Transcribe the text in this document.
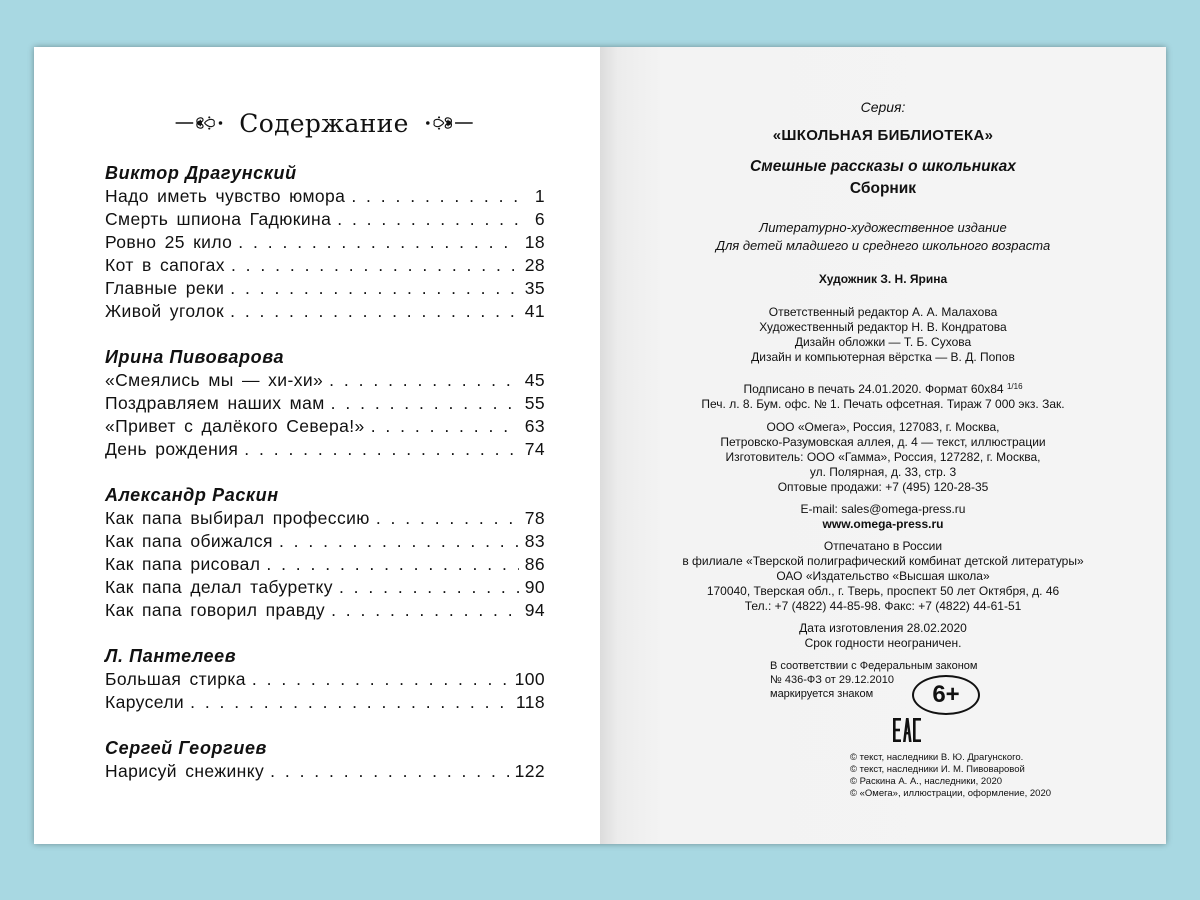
Содержание
Виктор Драгунский
Надо иметь чувство юмора . . .	1
Смерть шпиона Гадюкина . . .	6
Ровно 25 кило . . .	18
Кот в сапогах . . .	28
Главные реки . . .	35
Живой уголок . . .	41
Ирина Пивоварова
«Смеялись мы — хи-хи» . . .	45
Поздравляем наших мам . . .	55
«Привет с далёкого Севера!» . . .	63
День рождения . . .	74
Александр Раскин
Как папа выбирал профессию . . .	78
Как папа обижался . . .	83
Как папа рисовал . . .	86
Как папа делал табуретку . . .	90
Как папа говорил правду . . .	94
Л. Пантелеев
Большая стирка . . .	100
Карусели . . .	118
Сергей Георгиев
Нарисуй снежинку . . .	122
Серия:
«ШКОЛЬНАЯ БИБЛИОТЕКА»
Смешные рассказы о школьниках
Сборник
Литературно-художественное издание
Для детей младшего и среднего школьного возраста
Художник З. Н. Ярина
Ответственный редактор А. А. Малахова
Художественный редактор Н. В. Кондратова
Дизайн обложки — Т. Б. Сухова
Дизайн и компьютерная вёрстка — В. Д. Попов
Подписано в печать 24.01.2020. Формат 60х84 $^{1/16}$
Печ. л. 8. Бум. офс. № 1. Печать офсетная. Тираж 7 000 экз. Зак.
ООО «Омега», Россия, 127083, г. Москва,
Петровско-Разумовская аллея, д. 4 — текст, иллюстрации
Изготовитель: ООО «Гамма», Россия, 127282, г. Москва,
ул. Полярная, д. 33, стр. 3
Оптовые продажи: +7 (495) 120-28-35
E-mail: sales@omega-press.ru
www.omega-press.ru
Отпечатано в России
в филиале «Тверской полиграфический комбинат детской литературы»
ОАО «Издательство «Высшая школа»
170040, Тверская обл., г. Тверь, проспект 50 лет Октября, д. 46
Тел.: +7 (4822) 44-85-98. Факс: +7 (4822) 44-61-51
Дата изготовления 28.02.2020
Срок годности неограничен.
В соответствии с Федеральным законом
№ 436-ФЗ от 29.12.2010
маркируется знаком	6+
© текст, наследники В. Ю. Драгунского.
© текст, наследники И. М. Пивоваровой
© Раскина А. А., наследники, 2020
© «Омега», иллюстрации, оформление, 2020
